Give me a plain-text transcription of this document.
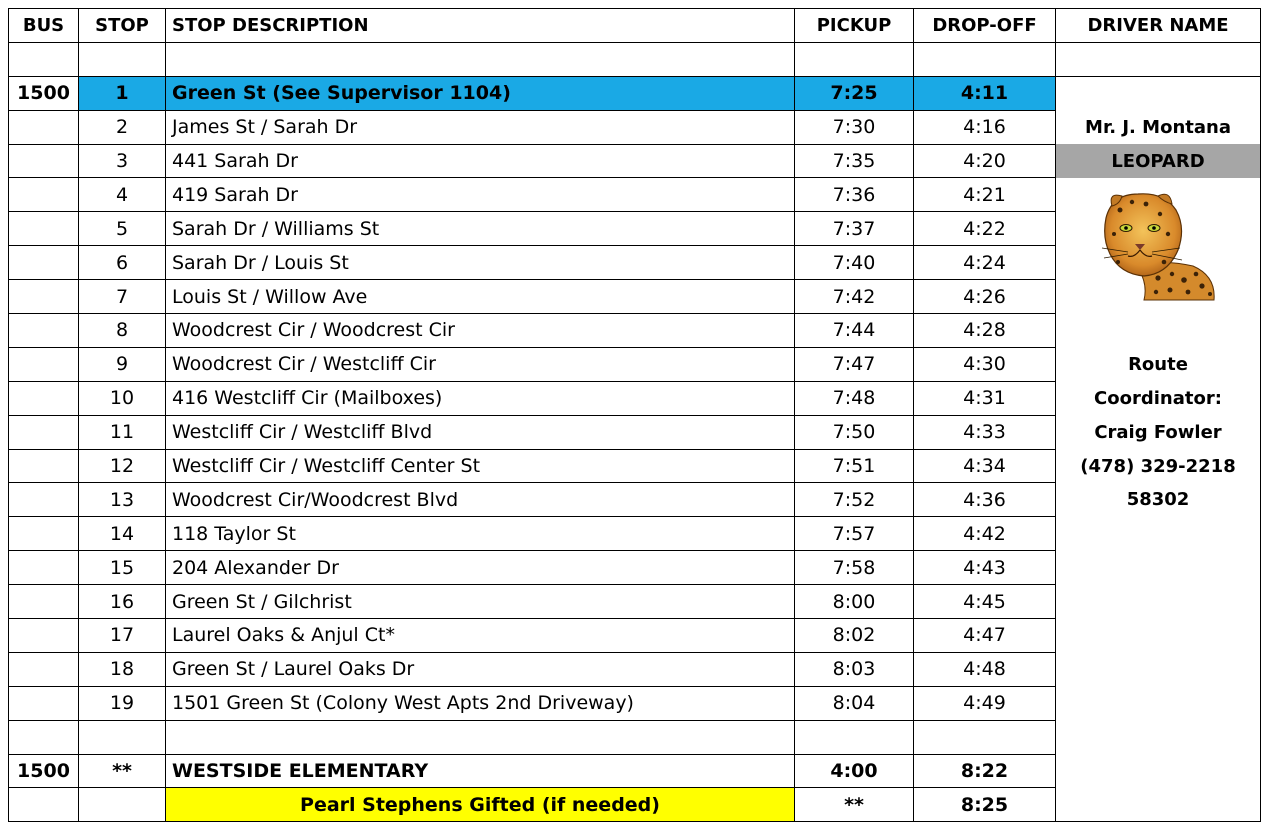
BUS	STOP	STOP DESCRIPTION	PICKUP	DROP-OFF	DRIVER NAME

1500	1	Green St (See Supervisor 1104)	7:25	4:11	
	2	James St / Sarah Dr	7:30	4:16	Mr. J. Montana
	3	441 Sarah Dr	7:35	4:20	LEOPARD
	4	419 Sarah Dr	7:36	4:21	

	5	Sarah Dr / Williams St	7:37	4:22	
	6	Sarah Dr / Louis St	7:40	4:24	
	7	Louis St / Willow Ave	7:42	4:26	
	8	Woodcrest Cir / Woodcrest Cir	7:44	4:28	
	9	Woodcrest Cir / Westcliff Cir	7:47	4:30	Route
	10	416 Westcliff Cir (Mailboxes)	7:48	4:31	Coordinator:
	11	Westcliff Cir / Westcliff Blvd	7:50	4:33	Craig Fowler
	12	Westcliff Cir / Westcliff Center St	7:51	4:34	(478) 329-2218
	13	Woodcrest Cir/Woodcrest Blvd	7:52	4:36	58302
	14	118 Taylor St	7:57	4:42	
	15	204 Alexander Dr	7:58	4:43	
	16	Green St / Gilchrist	8:00	4:45	
	17	Laurel Oaks & Anjul Ct*	8:02	4:47	
	18	Green St / Laurel Oaks Dr	8:03	4:48	
	19	1501 Green St (Colony West Apts 2nd Driveway)	8:04	4:49	

1500	**	WESTSIDE ELEMENTARY	4:00	8:22	
		Pearl Stephens Gifted (if needed)	**	8:25	
